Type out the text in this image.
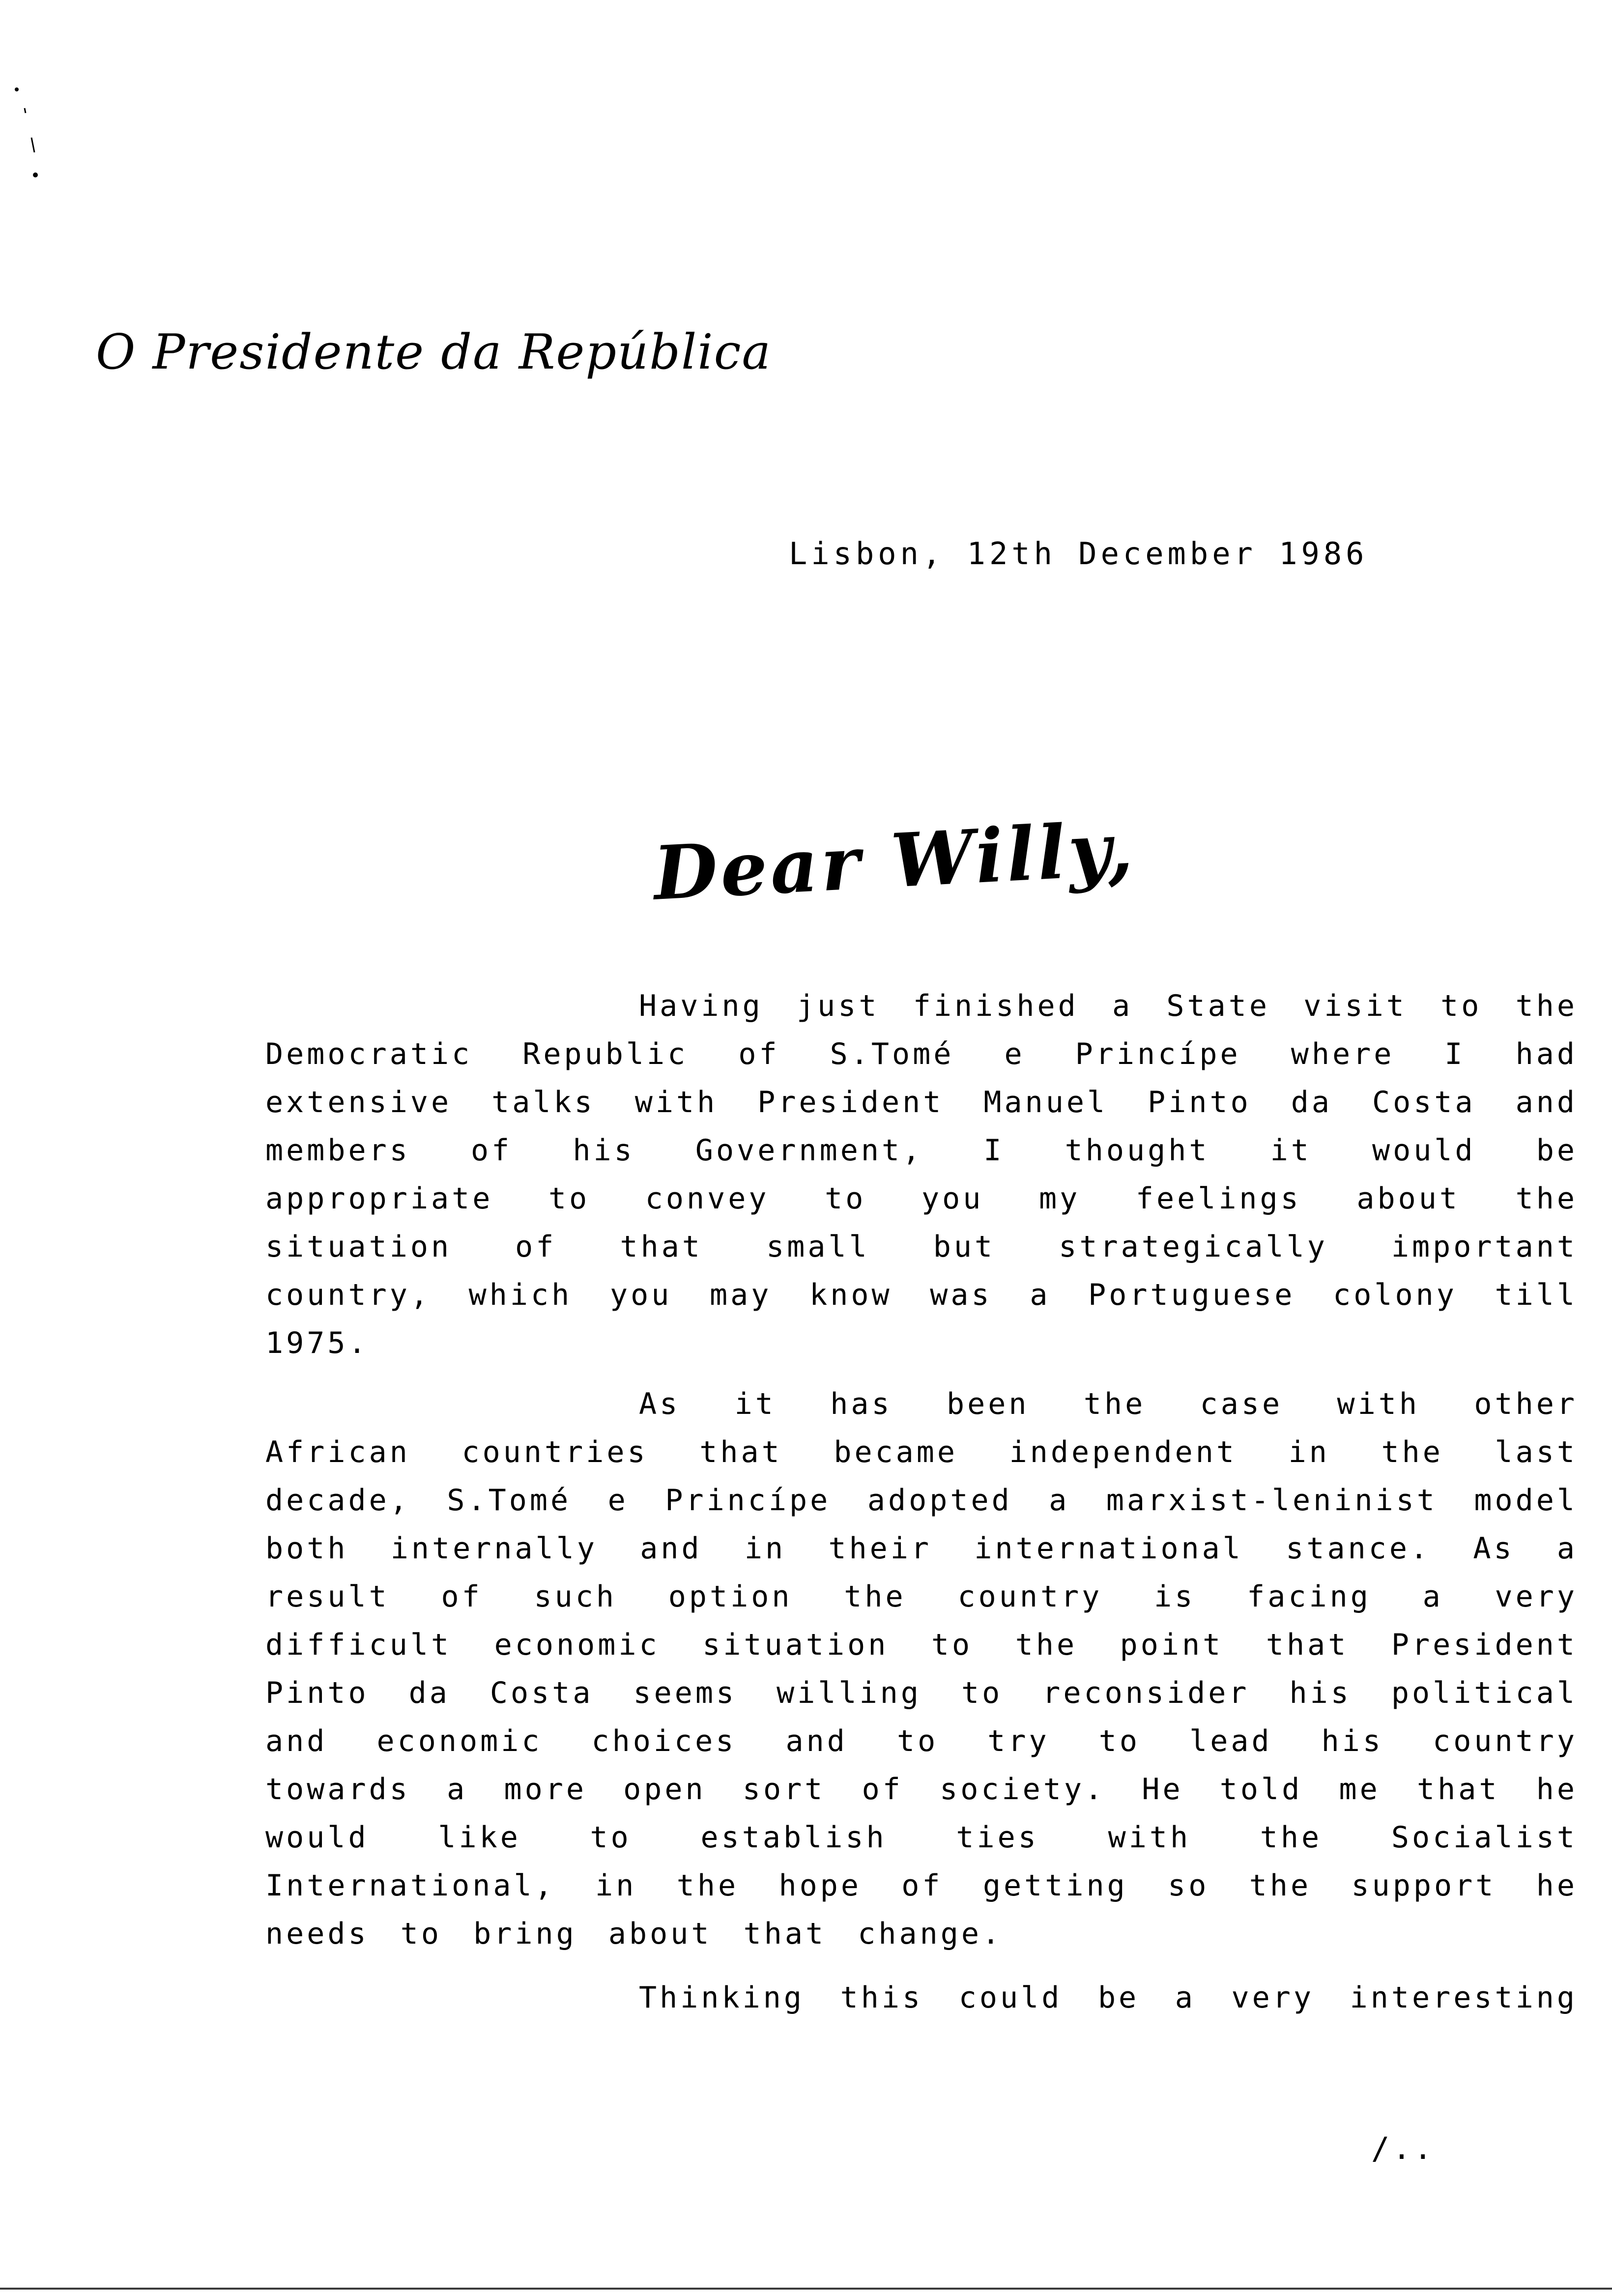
O Presidente da República
Lisbon, 12th December 1986
Dear Willy,

Having just finished a State visit to the Democratic Republic of S.Tomé e Princípe where I had extensive talks with President Manuel Pinto da Costa and members of his Government, I thought it would be appropriate to convey to you my feelings about the situation of that small but strategically important country, which you may know was a Portuguese colony till 1975.

As it has been the case with other African countries that became independent in the last decade, S.Tomé e Princípe adopted a marxist-leninist model both internally and in their international stance. As a result of such option the country is facing a very difficult economic situation to the point that President Pinto da Costa seems willing to reconsider his political and economic choices and to try to lead his country towards a more open sort of society. He told me that he would like to establish ties with the Socialist International, in the hope of getting so the support he needs to bring about that change.

Thinking this could be a very interesting

/..
